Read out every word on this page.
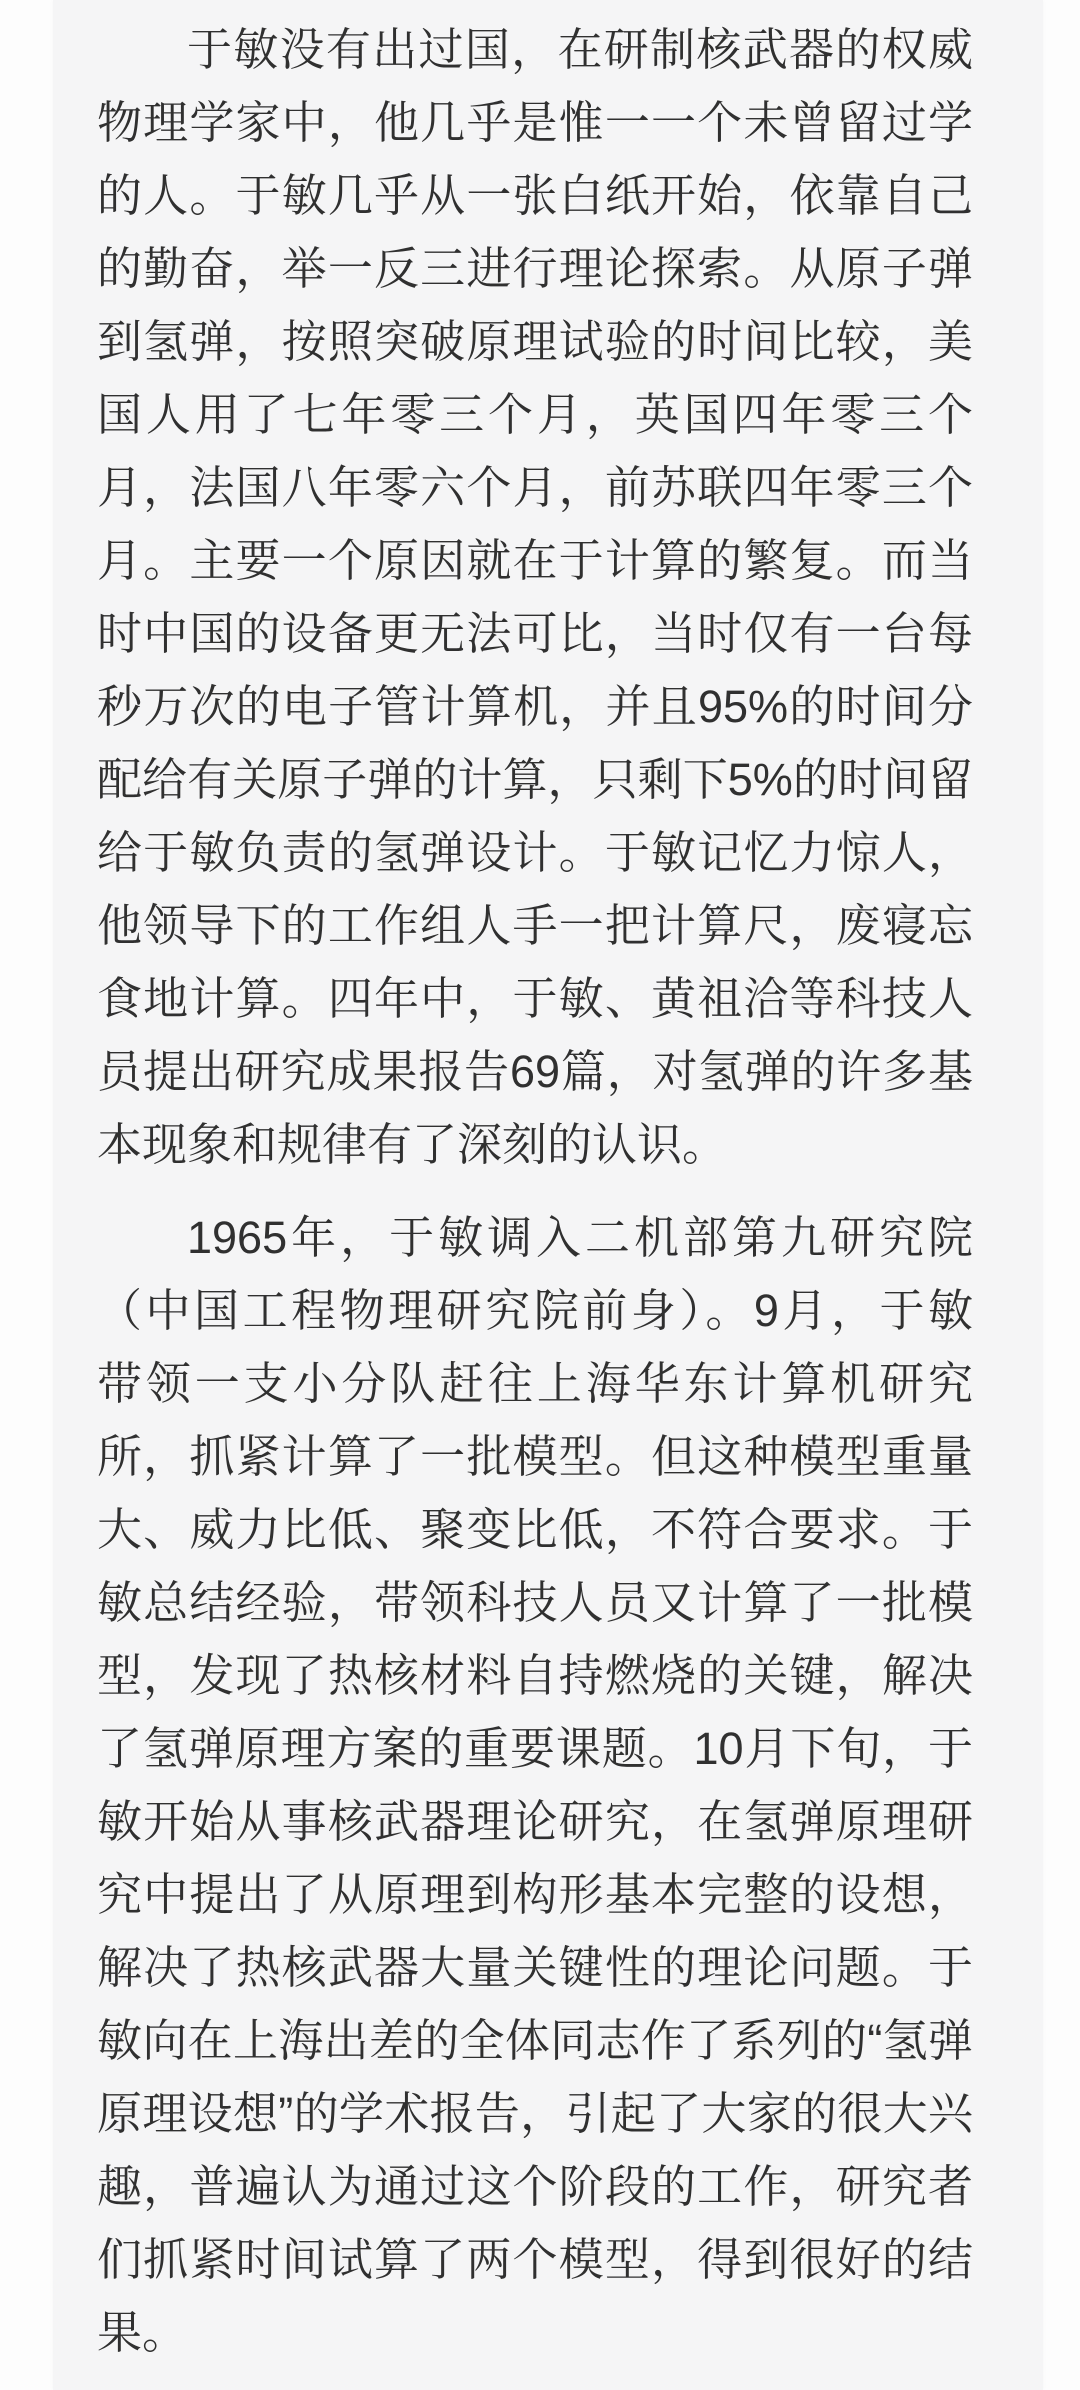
于敏没有出过国，在研制核武器的权威
物理学家中，他几乎是惟一一个未曾留过学
的人。于敏几乎从一张白纸开始，依靠自己
的勤奋，举一反三进行理论探索。从原子弹
到氢弹，按照突破原理试验的时间比较，美
国人用了七年零三个月，英国四年零三个
月，法国八年零六个月，前苏联四年零三个
月。主要一个原因就在于计算的繁复。而当
时中国的设备更无法可比，当时仅有一台每
秒万次的电子管计算机，并且95%的时间分
配给有关原子弹的计算，只剩下5%的时间留
给于敏负责的氢弹设计。于敏记忆力惊人，
他领导下的工作组人手一把计算尺，废寝忘
食地计算。四年中，于敏、黄祖洽等科技人
员提出研究成果报告69篇，对氢弹的许多基
本现象和规律有了深刻的认识。
1965年，于敏调入二机部第九研究院
（中国工程物理研究院前身）。9月，于敏
带领一支小分队赶往上海华东计算机研究
所，抓紧计算了一批模型。但这种模型重量
大、威力比低、聚变比低，不符合要求。于
敏总结经验，带领科技人员又计算了一批模
型，发现了热核材料自持燃烧的关键，解决
了氢弹原理方案的重要课题。10月下旬，于
敏开始从事核武器理论研究，在氢弹原理研
究中提出了从原理到构形基本完整的设想，
解决了热核武器大量关键性的理论问题。于
敏向在上海出差的全体同志作了系列的“氢弹
原理设想”的学术报告，引起了大家的很大兴
趣，普遍认为通过这个阶段的工作，研究者
们抓紧时间试算了两个模型，得到很好的结
果。
